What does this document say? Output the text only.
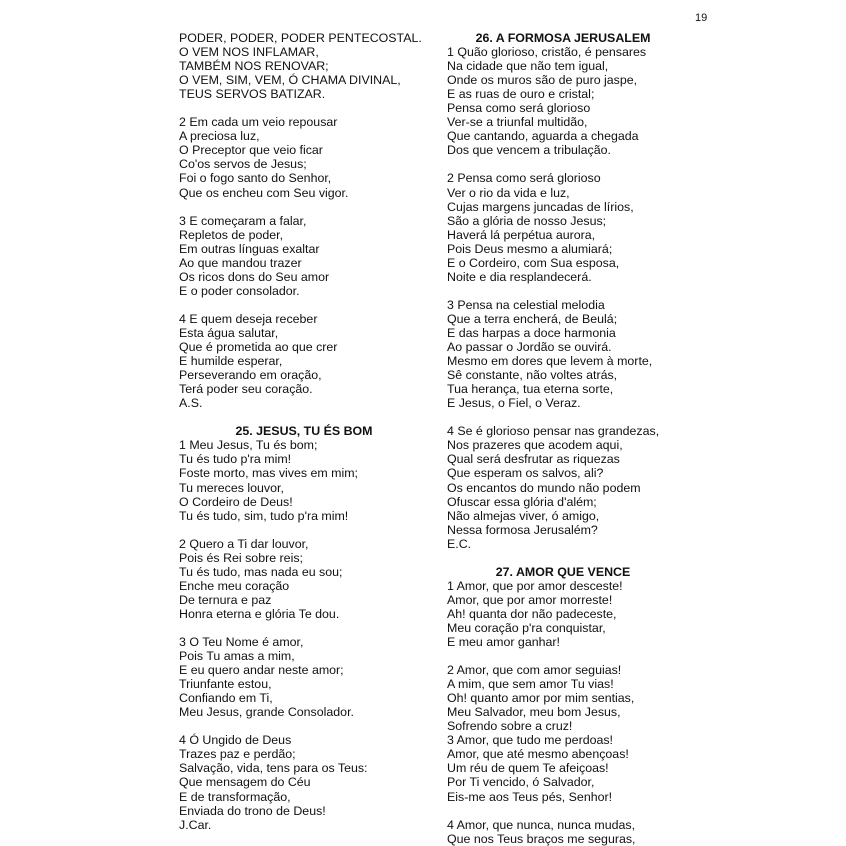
19
PODER, PODER, PODER PENTECOSTAL.
O VEM NOS INFLAMAR,
TAMBÉM NOS RENOVAR;
O VEM, SIM, VEM, Ó CHAMA DIVINAL,
TEUS SERVOS BATIZAR.
2 Em cada um veio repousar
A preciosa luz,
O Preceptor que veio ficar
Co'os servos de Jesus;
Foi o fogo santo do Senhor,
Que os encheu com Seu vigor.
3 E começaram a falar,
Repletos de poder,
Em outras línguas exaltar
Ao que mandou trazer
Os ricos dons do Seu amor
E o poder consolador.
4 E quem deseja receber
Esta água salutar,
Que é prometida ao que crer
E humilde esperar,
Perseverando em oração,
Terá poder seu coração.
A.S.
25. JESUS, TU ÉS BOM
1 Meu Jesus, Tu és bom;
Tu és tudo p'ra mim!
Foste morto, mas vives em mim;
Tu mereces louvor,
O Cordeiro de Deus!
Tu és tudo, sim, tudo p'ra mim!
2 Quero a Ti dar louvor,
Pois és Rei sobre reis;
Tu és tudo, mas nada eu sou;
Enche meu coração
De ternura e paz
Honra eterna e glória Te dou.
3 O Teu Nome é amor,
Pois Tu amas a mim,
E eu quero andar neste amor;
Triunfante estou,
Confiando em Ti,
Meu Jesus, grande Consolador.
4 Ó Ungido de Deus
Trazes paz e perdão;
Salvação, vida, tens para os Teus:
Que mensagem do Céu
E de transformação,
Enviada do trono de Deus!
J.Car.
26. A FORMOSA JERUSALEM
1 Quão glorioso, cristão, é pensares
Na cidade que não tem igual,
Onde os muros são de puro jaspe,
E as ruas de ouro e cristal;
Pensa como será glorioso
Ver-se a triunfal multidão,
Que cantando, aguarda a chegada
Dos que vencem a tribulação.
2 Pensa como será glorioso
Ver o rio da vida e luz,
Cujas margens juncadas de lírios,
São a glória de nosso Jesus;
Haverá lá perpétua aurora,
Pois Deus mesmo a alumiará;
E o Cordeiro, com Sua esposa,
Noite e dia resplandecerá.
3 Pensa na celestial melodia
Que a terra encherá, de Beulá;
E das harpas a doce harmonia
Ao passar o Jordão se ouvirá.
Mesmo em dores que levem à morte,
Sê constante, não voltes atrás,
Tua herança, tua eterna sorte,
E Jesus, o Fiel, o Veraz.
4 Se é glorioso pensar nas grandezas,
Nos prazeres que acodem aqui,
Qual será desfrutar as riquezas
Que esperam os salvos, ali?
Os encantos do mundo não podem
Ofuscar essa glória d'além;
Não almejas viver, ó amigo,
Nessa formosa Jerusalém?
E.C.
27. AMOR QUE VENCE
1 Amor, que por amor desceste!
Amor, que por amor morreste!
Ah! quanta dor não padeceste,
Meu coração p'ra conquistar,
E meu amor ganhar!
2 Amor, que com amor seguias!
A mim, que sem amor Tu vias!
Oh! quanto amor por mim sentias,
Meu Salvador, meu bom Jesus,
Sofrendo sobre a cruz!
3 Amor, que tudo me perdoas!
Amor, que até mesmo abençoas!
Um réu de quem Te afeiçoas!
Por Ti vencido, ó Salvador,
Eis-me aos Teus pés, Senhor!
4 Amor, que nunca, nunca mudas,
Que nos Teus braços me seguras,
